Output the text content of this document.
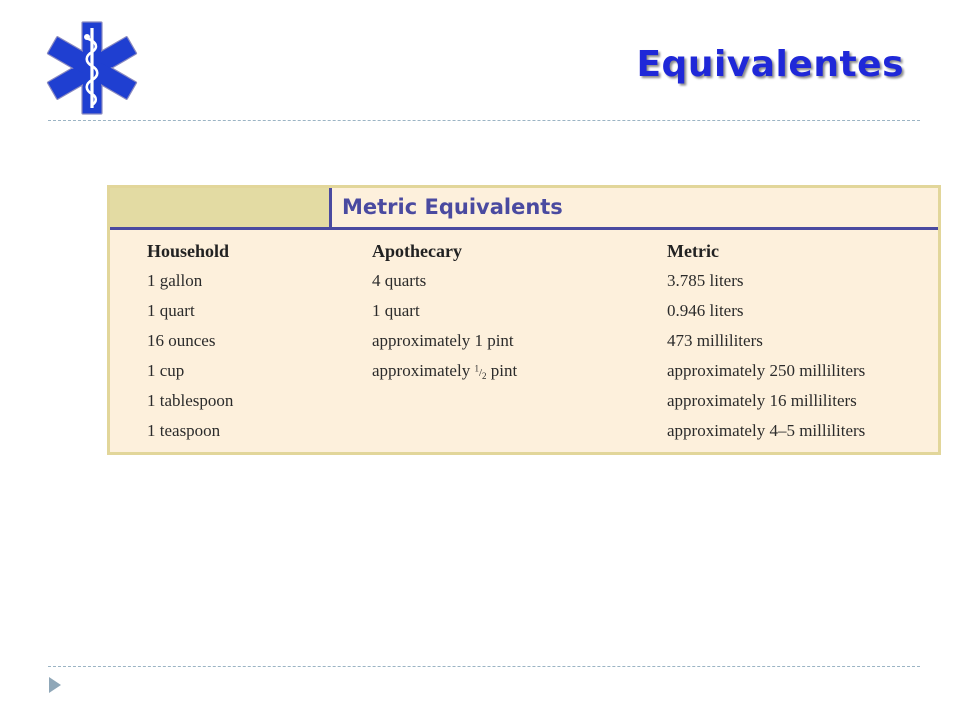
Equivalentes
Metric Equivalents
Household	Apothecary	Metric
1 gallon	4 quarts	3.785 liters
1 quart	1 quart	0.946 liters
16 ounces	approximately 1 pint	473 milliliters
1 cup	approximately $^1/_2$ pint	approximately 250 milliliters
1 tablespoon		approximately 16 milliliters
1 teaspoon		approximately 4–5 milliliters
